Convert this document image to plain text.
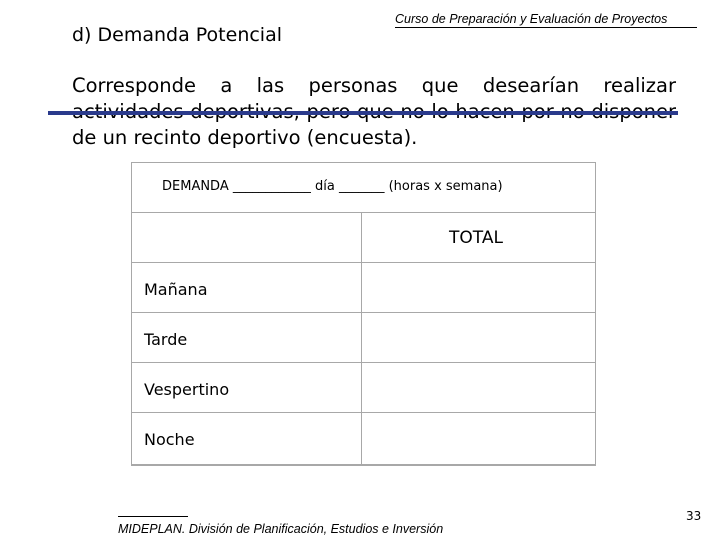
Curso de Preparación y Evaluación de Proyectos
d) Demanda Potencial
Corresponde a las personas que desearían realizar de un recinto deportivo (encuesta).
DEMANDA ____________ día _______ (horas x semana)
TOTAL
Mañana
Tarde
Vespertino
Noche
MIDEPLAN. División de Planificación, Estudios e Inversión
33
